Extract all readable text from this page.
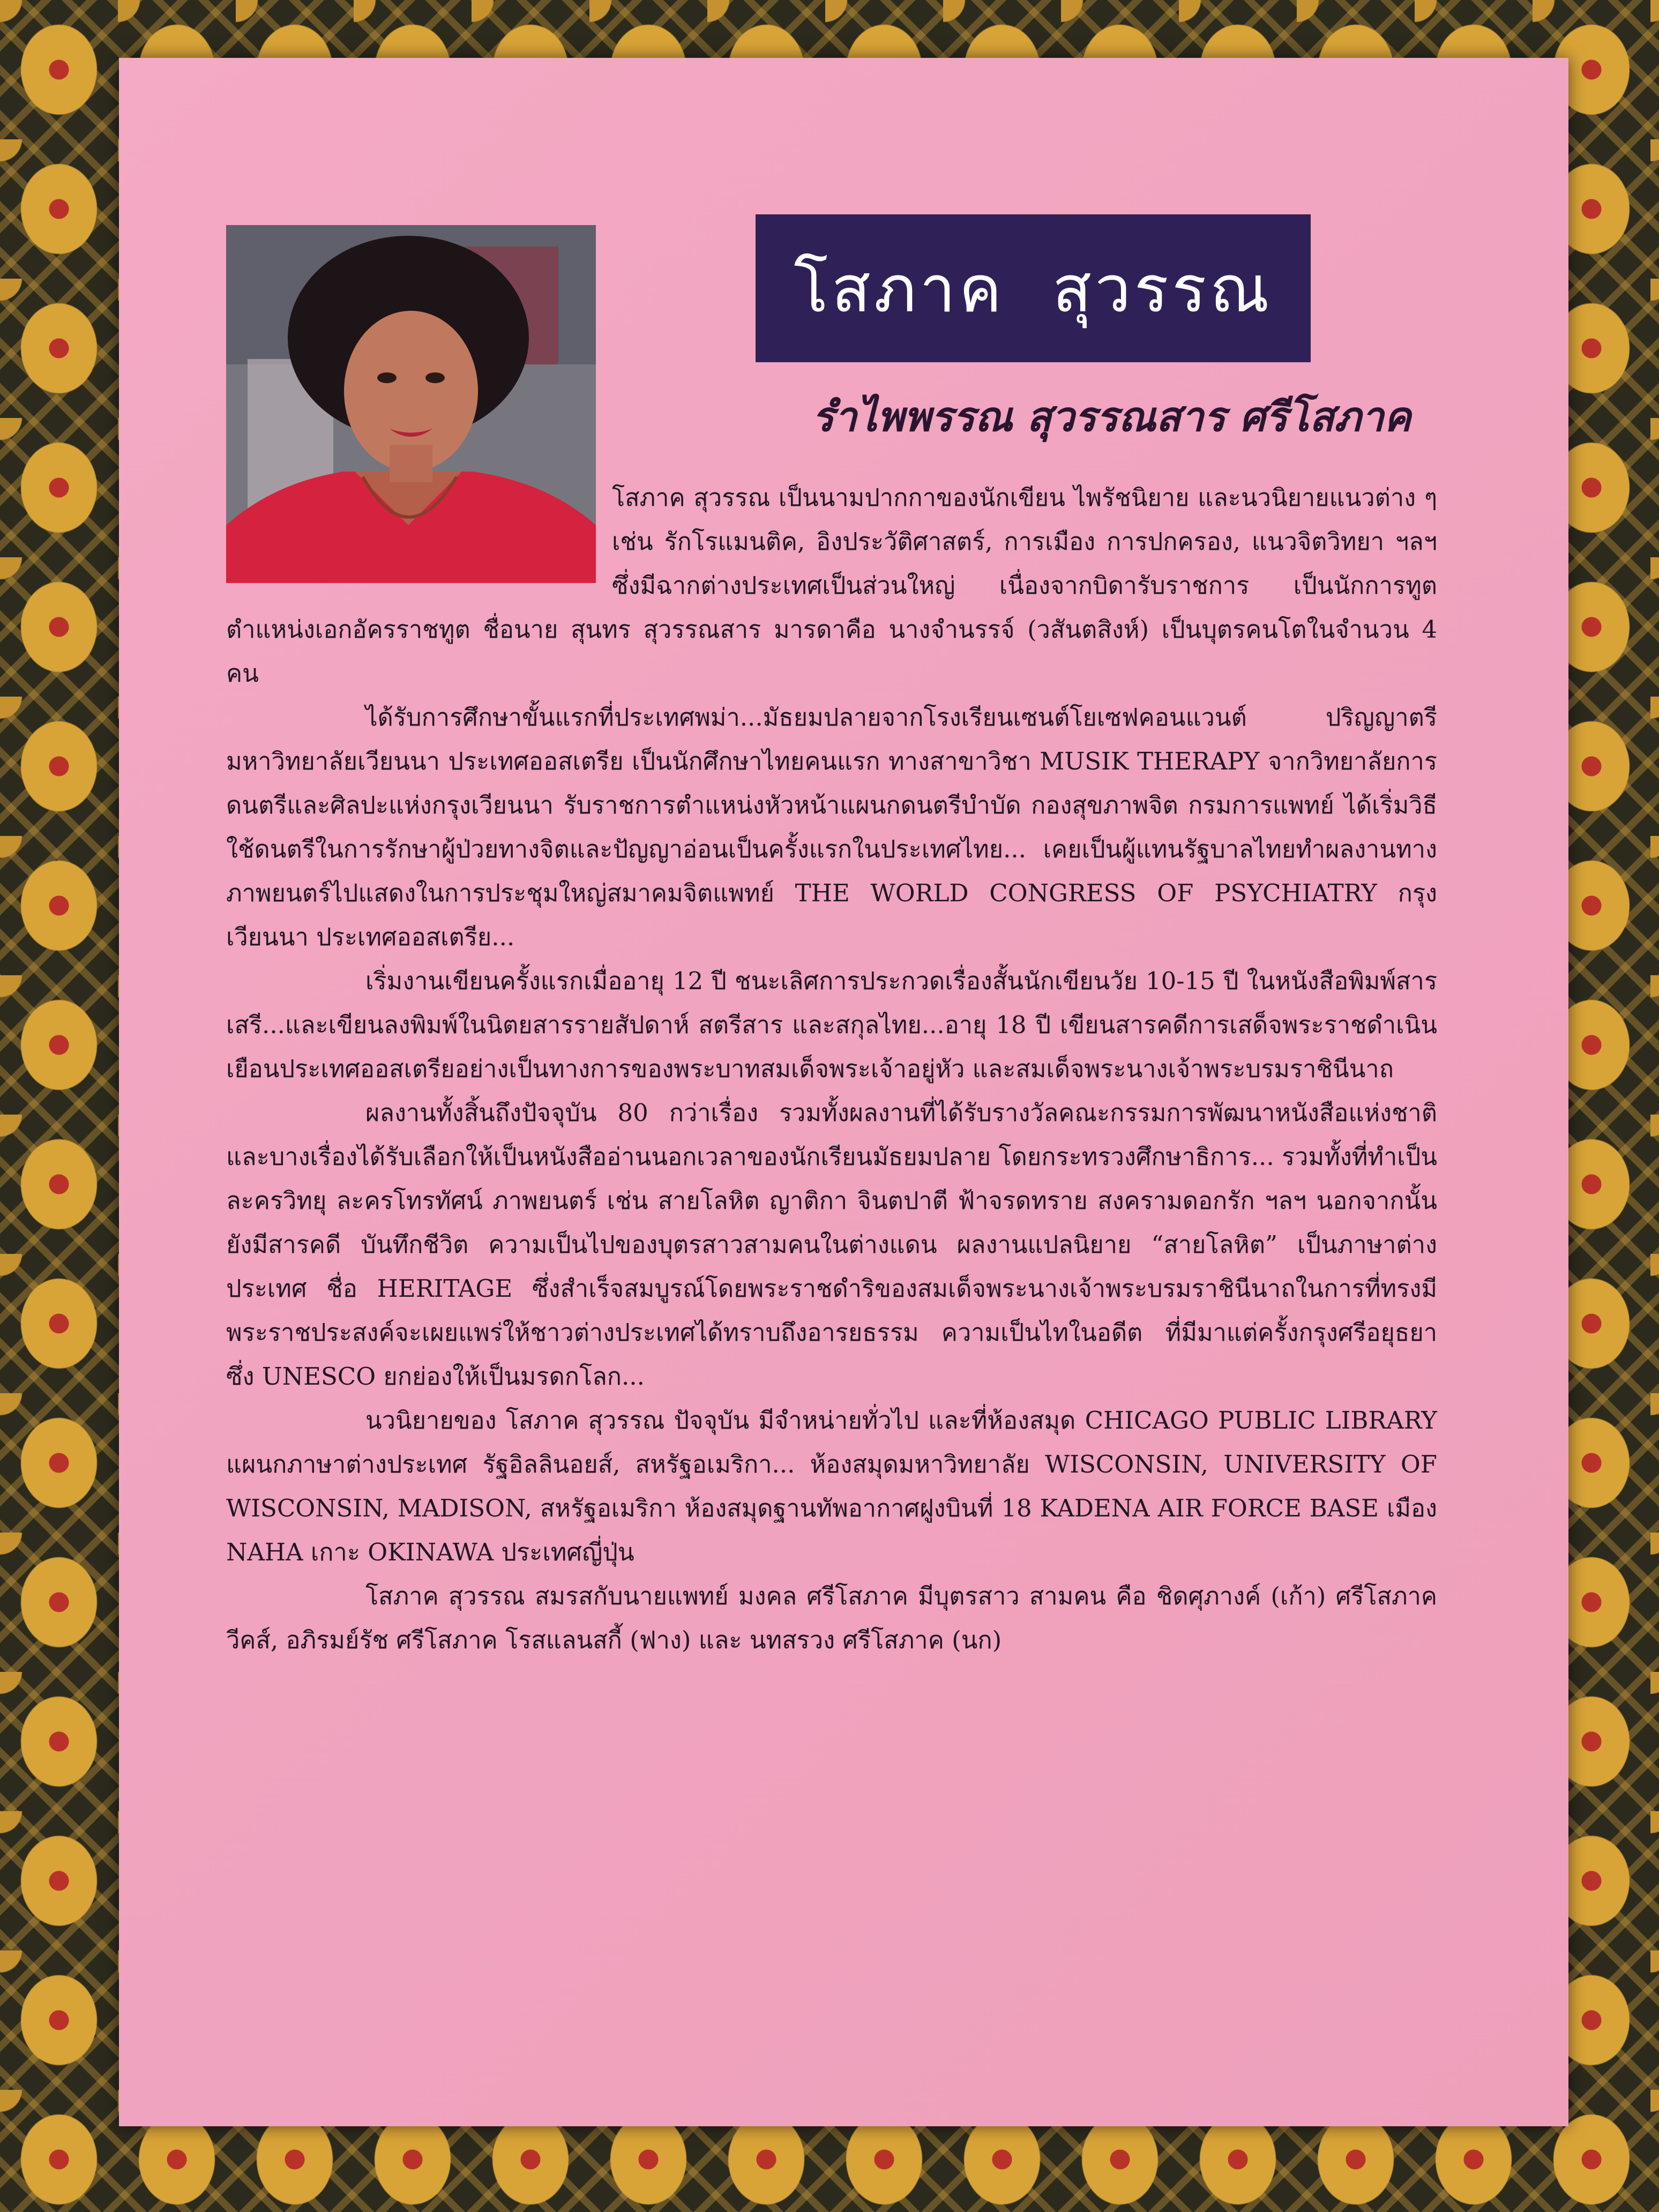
โสภาค  สุวรรณ
รำไพพรรณ สุวรรณสาร ศรีโสภาค

โสภาค สุวรรณ เป็นนามปากกาของนักเขียน ไพรัชนิยาย และนวนิยายแนวต่าง ๆ เช่น รักโรแมนติค, อิงประวัติศาสตร์, การเมือง การปกครอง, แนวจิตวิทยา ฯลฯ ซึ่งมีฉากต่างประเทศเป็นส่วนใหญ่ เนื่องจากบิดารับราชการ เป็นนักการทูต ตำแหน่งเอกอัครราชทูต ชื่อนาย สุนทร สุวรรณสาร มารดาคือ นางจำนรรจ์ (วสันตสิงห์) เป็นบุตรคนโตในจำนวน 4 คน

ได้รับการศึกษาขั้นแรกที่ประเทศพม่า...มัธยมปลายจากโรงเรียนเซนต์โยเซฟคอนแวนต์ ปริญญาตรี มหาวิทยาลัยเวียนนา ประเทศออสเตรีย เป็นนักศึกษาไทยคนแรก ทางสาขาวิชา MUSIK THERAPY จากวิทยาลัยการดนตรีและศิลปะแห่งกรุงเวียนนา รับราชการตำแหน่งหัวหน้าแผนกดนตรีบำบัด กองสุขภาพจิต กรมการแพทย์ ได้เริ่มวิธีใช้ดนตรีในการรักษาผู้ป่วยทางจิตและปัญญาอ่อนเป็นครั้งแรกในประเทศไทย... เคยเป็นผู้แทนรัฐบาลไทยทำผลงานทางภาพยนตร์ไปแสดงในการประชุมใหญ่สมาคมจิตแพทย์ THE WORLD CONGRESS OF PSYCHIATRY กรุงเวียนนา ประเทศออสเตรีย...

เริ่มงานเขียนครั้งแรกเมื่ออายุ 12 ปี ชนะเลิศการประกวดเรื่องสั้นนักเขียนวัย 10-15 ปี ในหนังสือพิมพ์สารเสรี...และเขียนลงพิมพ์ในนิตยสารรายสัปดาห์ สตรีสาร และสกุลไทย...อายุ 18 ปี เขียนสารคดีการเสด็จพระราชดำเนินเยือนประเทศออสเตรียอย่างเป็นทางการของพระบาทสมเด็จพระเจ้าอยู่หัว และสมเด็จพระนางเจ้าพระบรมราชินีนาถ

ผลงานทั้งสิ้นถึงปัจจุบัน 80 กว่าเรื่อง รวมทั้งผลงานที่ได้รับรางวัลคณะกรรมการพัฒนาหนังสือแห่งชาติ และบางเรื่องได้รับเลือกให้เป็นหนังสืออ่านนอกเวลาของนักเรียนมัธยมปลาย โดยกระทรวงศึกษาธิการ... รวมทั้งที่ทำเป็นละครวิทยุ ละครโทรทัศน์ ภาพยนตร์ เช่น สายโลหิต ญาติกา จินตปาตี ฟ้าจรดทราย สงครามดอกรัก ฯลฯ นอกจากนั้น ยังมีสารคดี บันทึกชีวิต ความเป็นไปของบุตรสาวสามคนในต่างแดน ผลงานแปลนิยาย “สายโลหิต” เป็นภาษาต่างประเทศ ชื่อ HERITAGE ซึ่งสำเร็จสมบูรณ์โดยพระราชดำริของสมเด็จพระนางเจ้าพระบรมราชินีนาถในการที่ทรงมีพระราชประสงค์จะเผยแพร่ให้ชาวต่างประเทศได้ทราบถึงอารยธรรม ความเป็นไทในอดีต ที่มีมาแต่ครั้งกรุงศรีอยุธยา ซึ่ง UNESCO ยกย่องให้เป็นมรดกโลก...

นวนิยายของ โสภาค สุวรรณ ปัจจุบัน มีจำหน่ายทั่วไป และที่ห้องสมุด CHICAGO PUBLIC LIBRARY แผนกภาษาต่างประเทศ รัฐอิลลินอยส์, สหรัฐอเมริกา... ห้องสมุดมหาวิทยาลัย WISCONSIN, UNIVERSITY OF WISCONSIN, MADISON, สหรัฐอเมริกา ห้องสมุดฐานทัพอากาศฝูงบินที่ 18 KADENA AIR FORCE BASE เมือง NAHA เกาะ OKINAWA ประเทศญี่ปุ่น

โสภาค สุวรรณ สมรสกับนายแพทย์ มงคล ศรีโสภาค มีบุตรสาว สามคน คือ ชิดศุภางค์ (เก้า) ศรีโสภาค วีคส์, อภิรมย์รัช ศรีโสภาค โรสแลนสกี้ (ฟาง) และ นทสรวง ศรีโสภาค (นก)
